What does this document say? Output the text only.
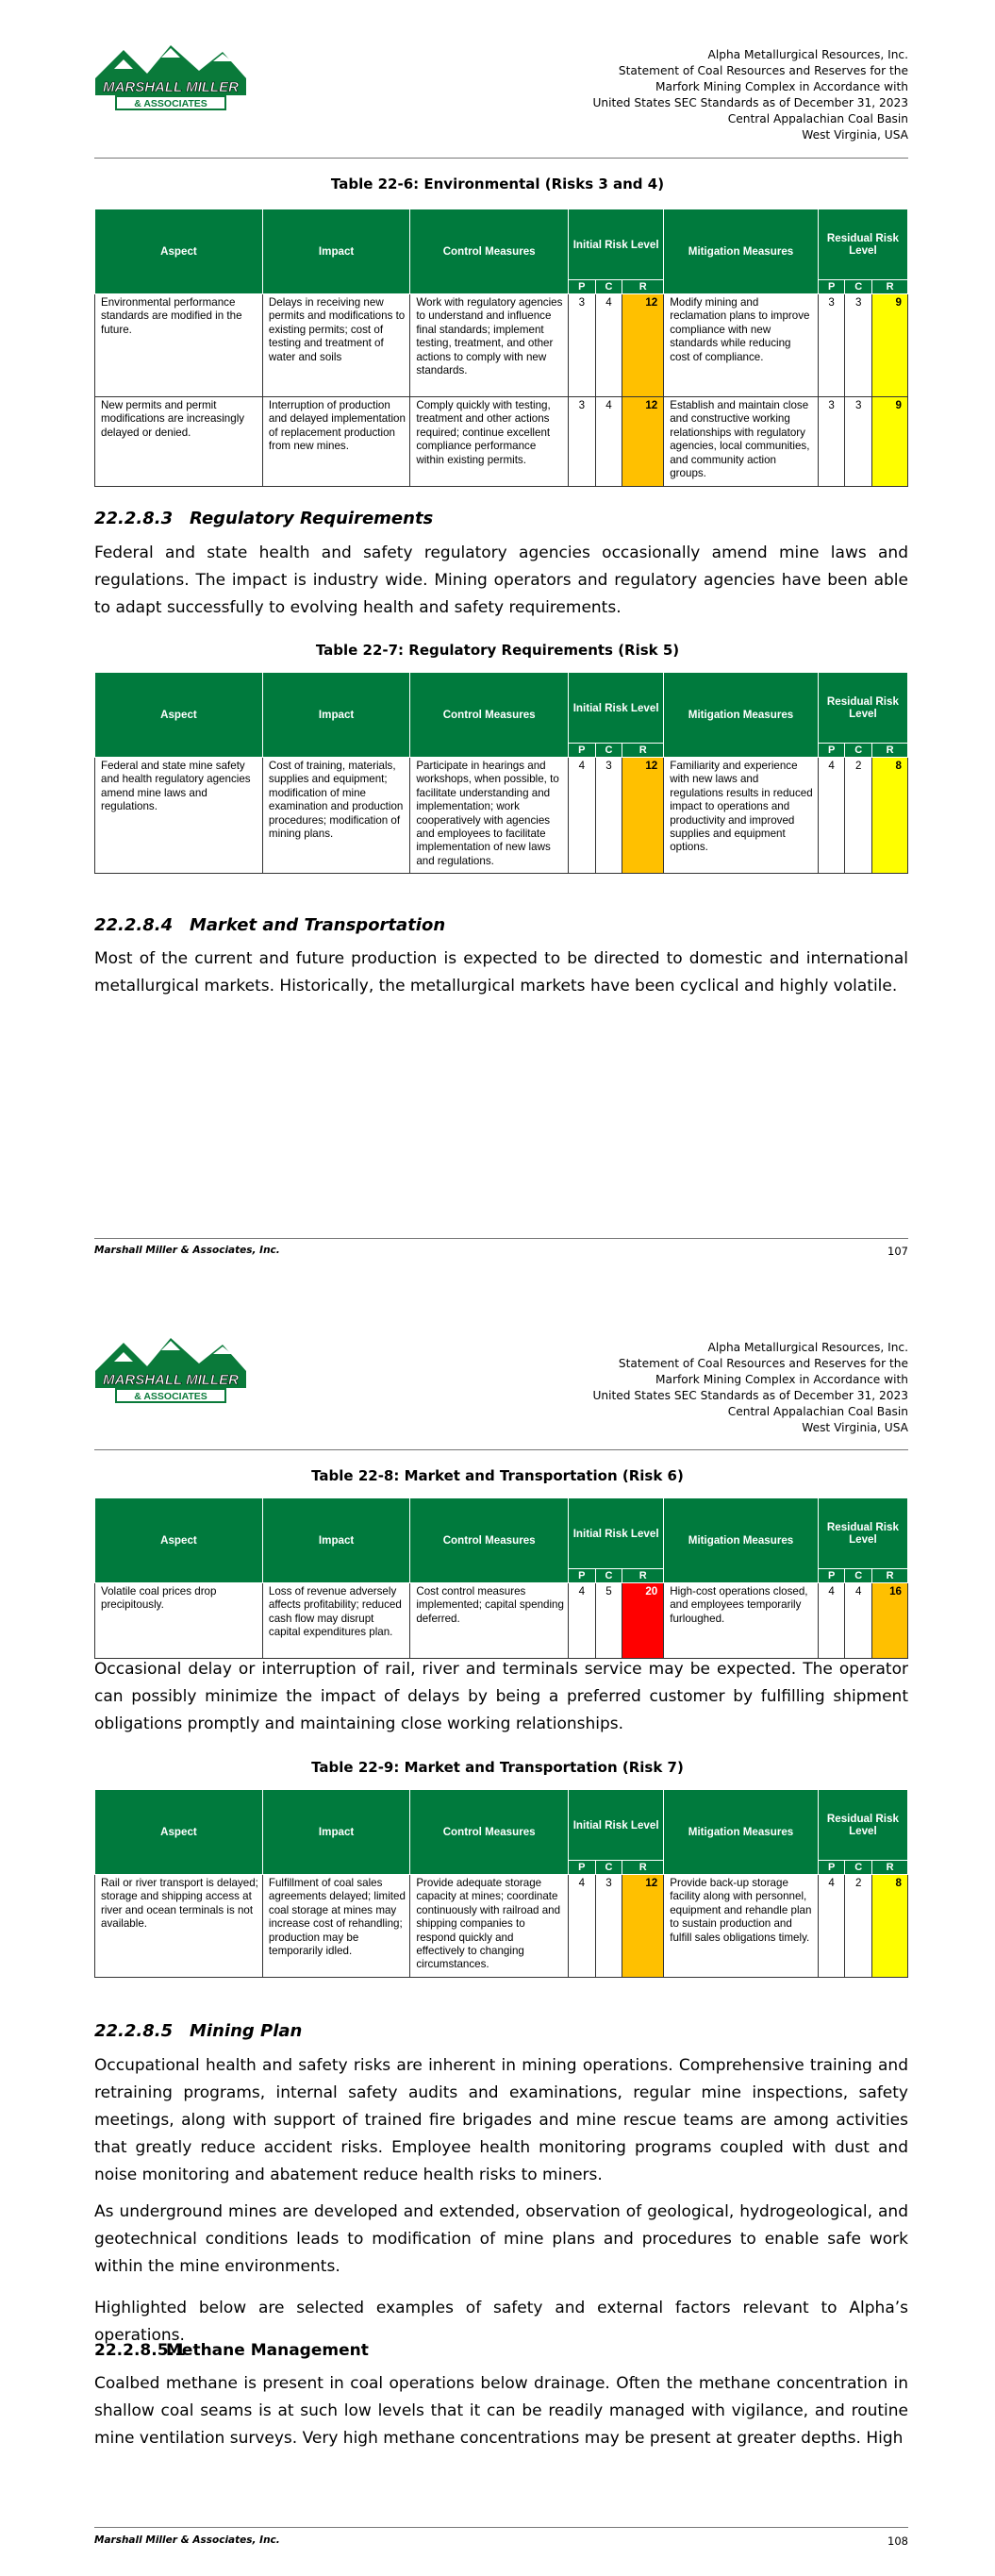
MARSHALL MILLER
& ASSOCIATES
Alpha Metallurgical Resources, Inc.
Statement of Coal Resources and Reserves for the
Marfork Mining Complex in Accordance with
United States SEC Standards as of December 31, 2023
Central Appalachian Coal Basin
West Virginia, USA
Table 22-6: Environmental (Risks 3 and 4)
Aspect	Impact	Control Measures	Initial Risk Level			Mitigation Measures	Residual Risk Level		
			P	C	R		P	C	R
Environmental performance standards are modified in the future.	Delays in receiving new permits and modifications to existing permits; cost of testing and treatment of water and soils	Work with regulatory agencies to understand and influence final standards; implement testing, treatment, and other actions to comply with new standards.	3	4	12	Modify mining and reclamation plans to improve compliance with new standards while reducing cost of compliance.	3	3	9
New permits and permit modifications are increasingly delayed or denied.	Interruption of production and delayed implementation of replacement production from new mines.	Comply quickly with testing, treatment and other actions required; continue excellent compliance performance within existing permits.	3	4	12	Establish and maintain close and constructive working relationships with regulatory agencies, local communities, and community action groups.	3	3	9
22.2.8.3 Regulatory Requirements
Federal and state health and safety regulatory agencies occasionally amend mine laws and regulations. The impact is industry wide. Mining operators and regulatory agencies have been able to adapt successfully to evolving health and safety requirements.
Table 22-7: Regulatory Requirements (Risk 5)
Aspect	Impact	Control Measures	Initial Risk Level			Mitigation Measures	Residual Risk Level		
			P	C	R		P	C	R
Federal and state mine safety and health regulatory agencies amend mine laws and regulations.	Cost of training, materials, supplies and equipment; modification of mine examination and production procedures; modification of mining plans.	Participate in hearings and workshops, when possible, to facilitate understanding and implementation; work cooperatively with agencies and employees to facilitate implementation of new laws and regulations.	4	3	12	Familiarity and experience with new laws and regulations results in reduced impact to operations and productivity and improved supplies and equipment options.	4	2	8
22.2.8.4 Market and Transportation
Most of the current and future production is expected to be directed to domestic and international metallurgical markets. Historically, the metallurgical markets have been cyclical and highly volatile.
Marshall Miller & Associates, Inc.	107
MARSHALL MILLER
& ASSOCIATES
Alpha Metallurgical Resources, Inc.
Statement of Coal Resources and Reserves for the
Marfork Mining Complex in Accordance with
United States SEC Standards as of December 31, 2023
Central Appalachian Coal Basin
West Virginia, USA
Table 22-8: Market and Transportation (Risk 6)
Aspect	Impact	Control Measures	Initial Risk Level			Mitigation Measures	Residual Risk Level		
			P	C	R		P	C	R
Volatile coal prices drop precipitously.	Loss of revenue adversely affects profitability; reduced cash flow may disrupt capital expenditures plan.	Cost control measures implemented; capital spending deferred.	4	5	20	High-cost operations closed, and employees temporarily furloughed.	4	4	16
Occasional delay or interruption of rail, river and terminals service may be expected. The operator can possibly minimize the impact of delays by being a preferred customer by fulfilling shipment obligations promptly and maintaining close working relationships.
Table 22-9: Market and Transportation (Risk 7)
Aspect	Impact	Control Measures	Initial Risk Level			Mitigation Measures	Residual Risk Level		
			P	C	R		P	C	R
Rail or river transport is delayed; storage and shipping access at river and ocean terminals is not available.	Fulfillment of coal sales agreements delayed; limited coal storage at mines may increase cost of rehandling; production may be temporarily idled.	Provide adequate storage capacity at mines; coordinate continuously with railroad and shipping companies to respond quickly and effectively to changing circumstances.	4	3	12	Provide back-up storage facility along with personnel, equipment and rehandle plan to sustain production and fulfill sales obligations timely.	4	2	8
22.2.8.5 Mining Plan
Occupational health and safety risks are inherent in mining operations. Comprehensive training and retraining programs, internal safety audits and examinations, regular mine inspections, safety meetings, along with support of trained fire brigades and mine rescue teams are among activities that greatly reduce accident risks. Employee health monitoring programs coupled with dust and noise monitoring and abatement reduce health risks to miners.
As underground mines are developed and extended, observation of geological, hydrogeological, and geotechnical conditions leads to modification of mine plans and procedures to enable safe work within the mine environments.
Highlighted below are selected examples of safety and external factors relevant to Alpha’s operations.
22.2.8.5.1Methane Management
Coalbed methane is present in coal operations below drainage. Often the methane concentration in shallow coal seams is at such low levels that it can be readily managed with vigilance, and routine mine ventilation surveys. Very high methane concentrations may be present at greater depths. High
Marshall Miller & Associates, Inc.	108
